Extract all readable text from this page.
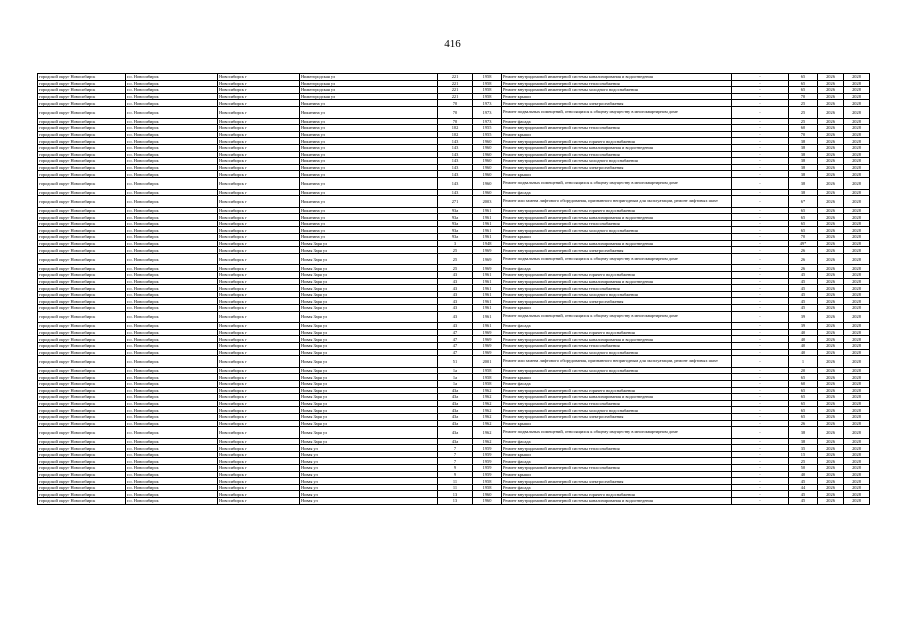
416
городской округ Новосибирск	г.о. Новосибирск	Новосибирск г	Нижегородская ул	221	1958	Ремонт внутридомовой инженерной системы канализирования и водоотведения	-	65	2026	2028
городской округ Новосибирск	г.о. Новосибирск	Новосибирск г	Нижегородская ул	221	1958	Ремонт внутридомовой инженерной системы теплоснабжения	-	65	2026	2028
городской округ Новосибирск	г.о. Новосибирск	Новосибирск г	Нижегородская ул	221	1958	Ремонт внутридомовой инженерной системы холодного водоснабжения	-	65	2026	2028
городской округ Новосибирск	г.о. Новосибирск	Новосибирск г	Нижегородская ул	221	1958	Ремонт крыши	-	70	2026	2028
городской округ Новосибирск	г.о. Новосибирск	Новосибирск г	Никитина ул	70	1973	Ремонт внутридомовой инженерной системы электроснабжения	-	25	2026	2028
городской округ Новосибирск	г.о. Новосибирск	Новосибирск г	Никитина ул	70	1973	Ремонт подвальных помещений, относящихся к общему имуществу в многоквартирном доме	-	25	2026	2028
городской округ Новосибирск	г.о. Новосибирск	Новосибирск г	Никитина ул	70	1973	Ремонт фасада	-	25	2026	2028
городской округ Новосибирск	г.о. Новосибирск	Новосибирск г	Никитина ул	102	1955	Ремонт внутридомовой инженерной системы теплоснабжения	-	60	2026	2028
городской округ Новосибирск	г.о. Новосибирск	Новосибирск г	Никитина ул	102	1955	Ремонт крыши	-	70	2026	2028
городской округ Новосибирск	г.о. Новосибирск	Новосибирск г	Никитина ул	143	1960	Ремонт внутридомовой инженерной системы горячего водоснабжения	-	38	2026	2028
городской округ Новосибирск	г.о. Новосибирск	Новосибирск г	Никитина ул	143	1960	Ремонт внутридомовой инженерной системы канализирования и водоотведения	-	38	2026	2028
городской округ Новосибирск	г.о. Новосибирск	Новосибирск г	Никитина ул	143	1960	Ремонт внутридомовой инженерной системы теплоснабжения	-	38	2026	2028
городской округ Новосибирск	г.о. Новосибирск	Новосибирск г	Никитина ул	143	1960	Ремонт внутридомовой инженерной системы холодного водоснабжения	-	38	2026	2028
городской округ Новосибирск	г.о. Новосибирск	Новосибирск г	Никитина ул	143	1960	Ремонт внутридомовой инженерной системы электроснабжения	-	38	2026	2028
городской округ Новосибирск	г.о. Новосибирск	Новосибирск г	Никитина ул	143	1960	Ремонт крыши	-	38	2026	2028
городской округ Новосибирск	г.о. Новосибирск	Новосибирск г	Никитина ул	143	1960	Ремонт подвальных помещений, относящихся к общему имуществу в многоквартирном доме	-	38	2026	2028
городской округ Новосибирск	г.о. Новосибирск	Новосибирск г	Никитина ул	143	1960	Ремонт фасада	-	38	2026	2028
городской округ Новосибирск	г.о. Новосибирск	Новосибирск г	Никитина ул	271	2003	Ремонт или замена лифтового оборудования, признанного непригодным для эксплуатации, ремонт лифтовых шахт	-	6*	2026	2028
городской округ Новосибирск	г.о. Новосибирск	Новосибирск г	Никитина ул	93а	1961	Ремонт внутридомовой инженерной системы горячего водоснабжения	-	65	2026	2028
городской округ Новосибирск	г.о. Новосибирск	Новосибирск г	Никитина ул	93а	1961	Ремонт внутридомовой инженерной системы канализирования и водоотведения	-	65	2026	2028
городской округ Новосибирск	г.о. Новосибирск	Новосибирск г	Никитина ул	93а	1961	Ремонт внутридомовой инженерной системы теплоснабжения	-	65	2026	2028
городской округ Новосибирск	г.о. Новосибирск	Новосибирск г	Никитина ул	93а	1961	Ремонт внутридомовой инженерной системы холодного водоснабжения	-	65	2026	2028
городской округ Новосибирск	г.о. Новосибирск	Новосибирск г	Никитина ул	93а	1961	Ремонт крыши	-	70	2026	2028
городской округ Новосибирск	г.о. Новосибирск	Новосибирск г	Новая Заря ул	3	1948	Ремонт внутридомовой инженерной системы канализирования и водоотведения	-	49*	2026	2028
городской округ Новосибирск	г.о. Новосибирск	Новосибирск г	Новая Заря ул	25	1969	Ремонт внутридомовой инженерной системы электроснабжения	-	26	2026	2028
городской округ Новосибирск	г.о. Новосибирск	Новосибирск г	Новая Заря ул	25	1969	Ремонт подвальных помещений, относящихся к общему имуществу в многоквартирном доме	-	26	2026	2028
городской округ Новосибирск	г.о. Новосибирск	Новосибирск г	Новая Заря ул	25	1969	Ремонт фасада	-	26	2026	2028
городской округ Новосибирск	г.о. Новосибирск	Новосибирск г	Новая Заря ул	43	1961	Ремонт внутридомовой инженерной системы горячего водоснабжения	-	45	2026	2028
городской округ Новосибирск	г.о. Новосибирск	Новосибирск г	Новая Заря ул	43	1961	Ремонт внутридомовой инженерной системы канализирования и водоотведения	-	45	2026	2028
городской округ Новосибирск	г.о. Новосибирск	Новосибирск г	Новая Заря ул	43	1961	Ремонт внутридомовой инженерной системы теплоснабжения	-	45	2026	2028
городской округ Новосибирск	г.о. Новосибирск	Новосибирск г	Новая Заря ул	43	1961	Ремонт внутридомовой инженерной системы холодного водоснабжения	-	45	2026	2028
городской округ Новосибирск	г.о. Новосибирск	Новосибирск г	Новая Заря ул	43	1961	Ремонт внутридомовой инженерной системы электроснабжения	-	45	2026	2028
городской округ Новосибирск	г.о. Новосибирск	Новосибирск г	Новая Заря ул	43	1961	Ремонт крыши	-	45	2026	2028
городской округ Новосибирск	г.о. Новосибирск	Новосибирск г	Новая Заря ул	43	1961	Ремонт подвальных помещений, относящихся к общему имуществу в многоквартирном доме	-	39	2026	2028
городской округ Новосибирск	г.о. Новосибирск	Новосибирск г	Новая Заря ул	43	1961	Ремонт фасада	-	39	2026	2028
городской округ Новосибирск	г.о. Новосибирск	Новосибирск г	Новая Заря ул	47	1969	Ремонт внутридомовой инженерной системы горячего водоснабжения	-	40	2026	2028
городской округ Новосибирск	г.о. Новосибирск	Новосибирск г	Новая Заря ул	47	1969	Ремонт внутридомовой инженерной системы канализирования и водоотведения	-	40	2026	2028
городской округ Новосибирск	г.о. Новосибирск	Новосибирск г	Новая Заря ул	47	1969	Ремонт внутридомовой инженерной системы теплоснабжения	-	40	2026	2028
городской округ Новосибирск	г.о. Новосибирск	Новосибирск г	Новая Заря ул	47	1969	Ремонт внутридомовой инженерной системы холодного водоснабжения	-	40	2026	2028
городской округ Новосибирск	г.о. Новосибирск	Новосибирск г	Новая Заря ул	51	2001	Ремонт или замена лифтового оборудования, признанного непригодным для эксплуатации, ремонт лифтовых шахт	-	1	2026	2028
городской округ Новосибирск	г.о. Новосибирск	Новосибирск г	Новая Заря ул	1а	1958	Ремонт внутридомовой инженерной системы холодного водоснабжения	-	20	2026	2028
городской округ Новосибирск	г.о. Новосибирск	Новосибирск г	Новая Заря ул	1а	1958	Ремонт крыши	-	65	2026	2028
городской округ Новосибирск	г.о. Новосибирск	Новосибирск г	Новая Заря ул	1а	1958	Ремонт фасада	-	60	2026	2028
городской округ Новосибирск	г.о. Новосибирск	Новосибирск г	Новая Заря ул	43а	1962	Ремонт внутридомовой инженерной системы горячего водоснабжения	-	65	2026	2028
городской округ Новосибирск	г.о. Новосибирск	Новосибирск г	Новая Заря ул	43а	1962	Ремонт внутридомовой инженерной системы канализирования и водоотведения	-	65	2026	2028
городской округ Новосибирск	г.о. Новосибирск	Новосибирск г	Новая Заря ул	43а	1962	Ремонт внутридомовой инженерной системы теплоснабжения	-	65	2026	2028
городской округ Новосибирск	г.о. Новосибирск	Новосибирск г	Новая Заря ул	43а	1962	Ремонт внутридомовой инженерной системы холодного водоснабжения	-	65	2026	2028
городской округ Новосибирск	г.о. Новосибирск	Новосибирск г	Новая Заря ул	43а	1962	Ремонт внутридомовой инженерной системы электроснабжения	-	65	2026	2028
городской округ Новосибирск	г.о. Новосибирск	Новосибирск г	Новая Заря ул	43а	1962	Ремонт крыши	-	26	2026	2028
городской округ Новосибирск	г.о. Новосибирск	Новосибирск г	Новая Заря ул	43а	1962	Ремонт подвальных помещений, относящихся к общему имуществу в многоквартирном доме	-	38	2026	2028
городской округ Новосибирск	г.о. Новосибирск	Новосибирск г	Новая Заря ул	43а	1962	Ремонт фасада	-	38	2026	2028
городской округ Новосибирск	г.о. Новосибирск	Новосибирск г	Новая ул	7	1959	Ремонт внутридомовой инженерной системы теплоснабжения	-	35	2026	2028
городской округ Новосибирск	г.о. Новосибирск	Новосибирск г	Новая ул	7	1959	Ремонт крыши	-	15	2026	2028
городской округ Новосибирск	г.о. Новосибирск	Новосибирск г	Новая ул	7	1959	Ремонт фасада	-	25	2026	2028
городской округ Новосибирск	г.о. Новосибирск	Новосибирск г	Новая ул	9	1959	Ремонт внутридомовой инженерной системы теплоснабжения	-	50	2026	2028
городской округ Новосибирск	г.о. Новосибирск	Новосибирск г	Новая ул	9	1959	Ремонт крыши	-	40	2026	2028
городской округ Новосибирск	г.о. Новосибирск	Новосибирск г	Новая ул	11	1958	Ремонт внутридомовой инженерной системы электроснабжения	-	45	2026	2028
городской округ Новосибирск	г.о. Новосибирск	Новосибирск г	Новая ул	11	1958	Ремонт фасада	-	44	2026	2028
городской округ Новосибирск	г.о. Новосибирск	Новосибирск г	Новая ул	13	1960	Ремонт внутридомовой инженерной системы горячего водоснабжения	-	45	2026	2028
городской округ Новосибирск	г.о. Новосибирск	Новосибирск г	Новая ул	13	1960	Ремонт внутридомовой инженерной системы канализирования и водоотведения	-	45	2026	2028
